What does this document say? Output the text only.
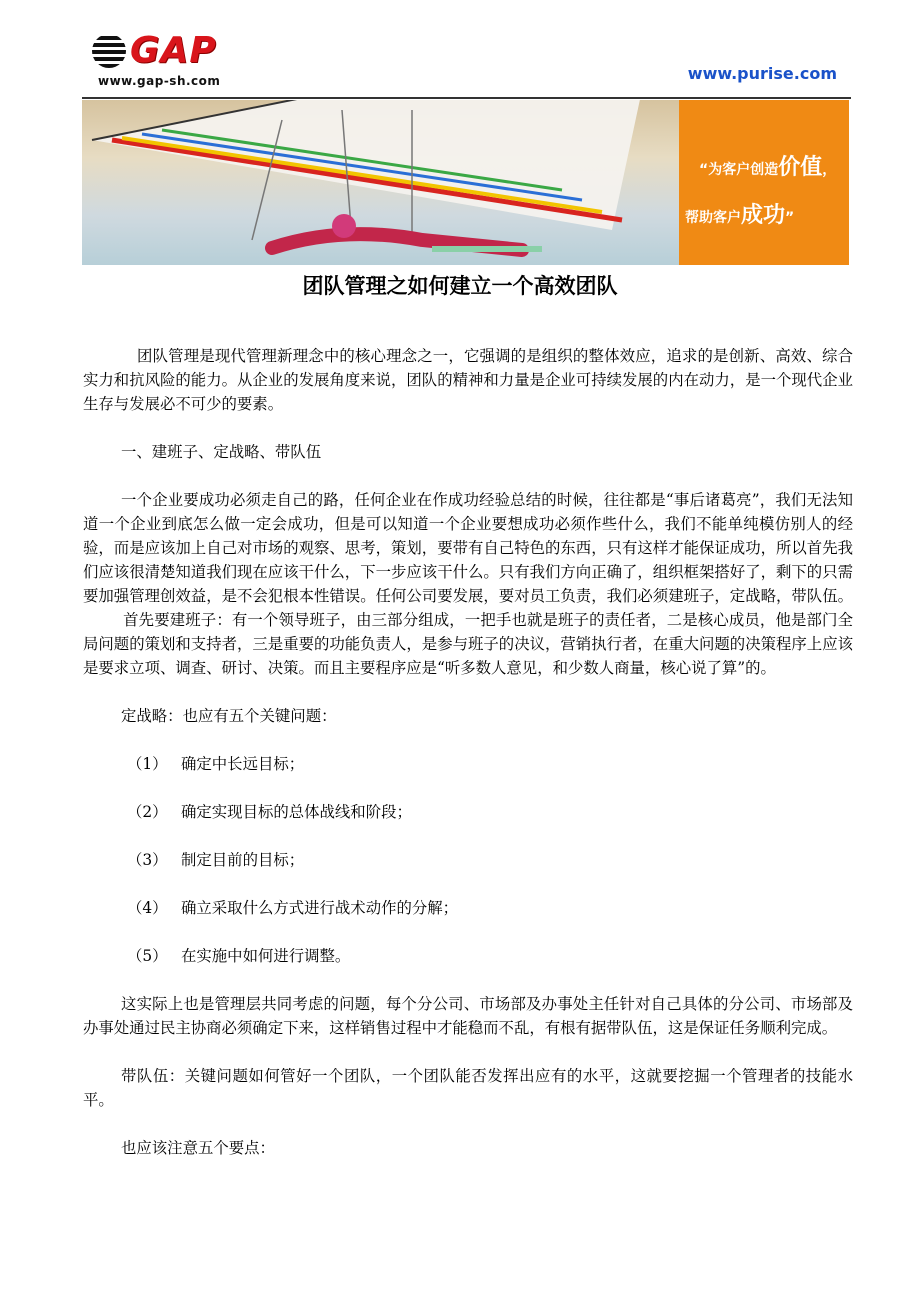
GAP
www.gap-sh.com	www.purise.com
“为客户创造价值，
帮助客户成功”
团队管理之如何建立一个高效团队

团队管理是现代管理新理念中的核心理念之一，它强调的是组织的整体效应，追求的是创新、高效、综合实力和抗风险的能力。从企业的发展角度来说，团队的精神和力量是企业可持续发展的内在动力，是一个现代企业生存与发展必不可少的要素。

一、建班子、定战略、带队伍

一个企业要成功必须走自己的路，任何企业在作成功经验总结的时候，往往都是“事后诸葛亮”，我们无法知道一个企业到底怎么做一定会成功，但是可以知道一个企业要想成功必须作些什么，我们不能单纯模仿别人的经验，而是应该加上自己对市场的观察、思考，策划，要带有自己特色的东西，只有这样才能保证成功，所以首先我们应该很清楚知道我们现在应该干什么，下一步应该干什么。只有我们方向正确了，组织框架搭好了，剩下的只需要加强管理创效益，是不会犯根本性错误。任何公司要发展，要对员工负责，我们必须建班子，定战略，带队伍。首先要建班子：有一个领导班子，由三部分组成，一把手也就是班子的责任者，二是核心成员，他是部门全局问题的策划和支持者，三是重要的功能负责人，是参与班子的决议，营销执行者，在重大问题的决策程序上应该是要求立项、调查、研讨、决策。而且主要程序应是“听多数人意见，和少数人商量，核心说了算”的。

定战略：也应有五个关键问题：

（1） 确定中长远目标；

（2） 确定实现目标的总体战线和阶段；

（3） 制定目前的目标；

（4） 确立采取什么方式进行战术动作的分解；

（5） 在实施中如何进行调整。

这实际上也是管理层共同考虑的问题，每个分公司、市场部及办事处主任针对自己具体的分公司、市场部及办事处通过民主协商必须确定下来，这样销售过程中才能稳而不乱，有根有据带队伍，这是保证任务顺利完成。

带队伍：关键问题如何管好一个团队，一个团队能否发挥出应有的水平，这就要挖掘一个管理者的技能水平。

也应该注意五个要点：
